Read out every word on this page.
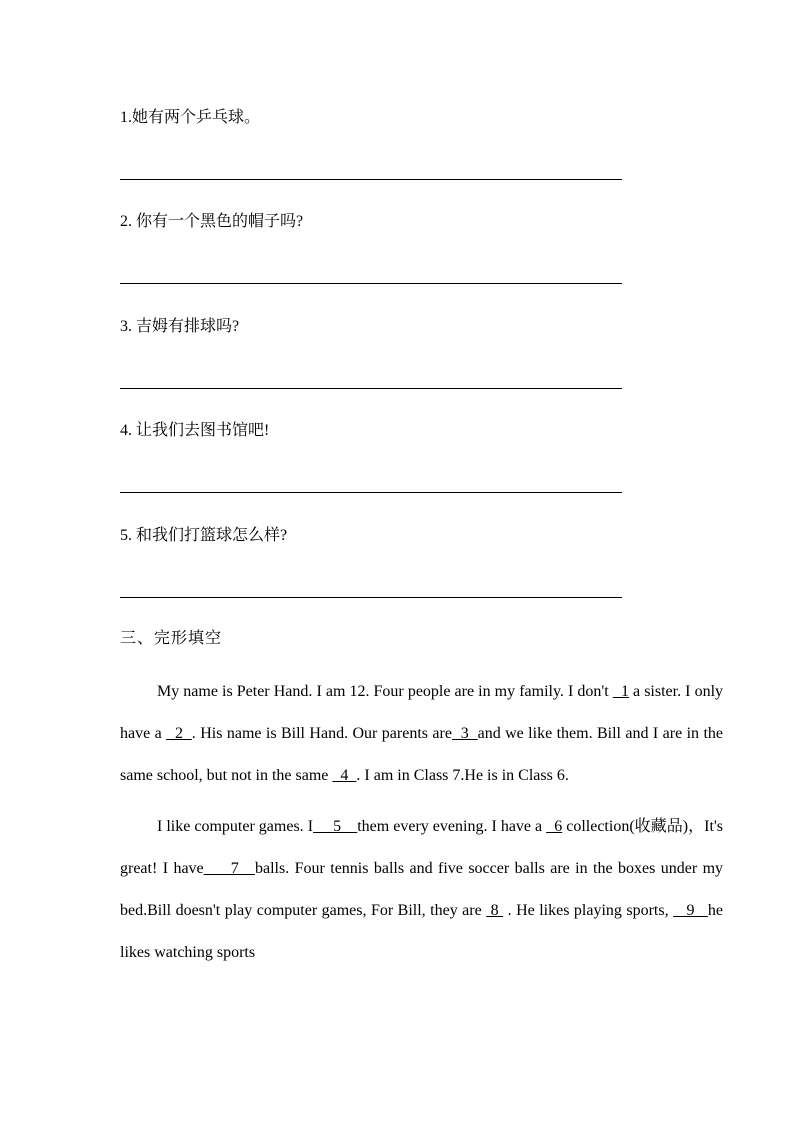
1.她有两个乒乓球。
2. 你有一个黑色的帽子吗?
3. 吉姆有排球吗?
4. 让我们去图书馆吧!
5. 和我们打篮球怎么样?
三、完形填空

My name is Peter Hand. I am 12. Four people are in my family. I don't   1 a sister. I only have a   2  . His name is Bill Hand. Our parents are  3  and we like them. Bill and I are in the same school, but not in the same   4  . I am in Class 7.He is in Class 6.

I like computer games. I     5    them every evening. I have a   6 collection(收藏品)，It's great! I have     7   balls. Four tennis balls and five soccer balls are in the boxes under my bed.Bill doesn't play computer games, For Bill, they are  8  . He likes playing sports,    9   he likes watching sports
